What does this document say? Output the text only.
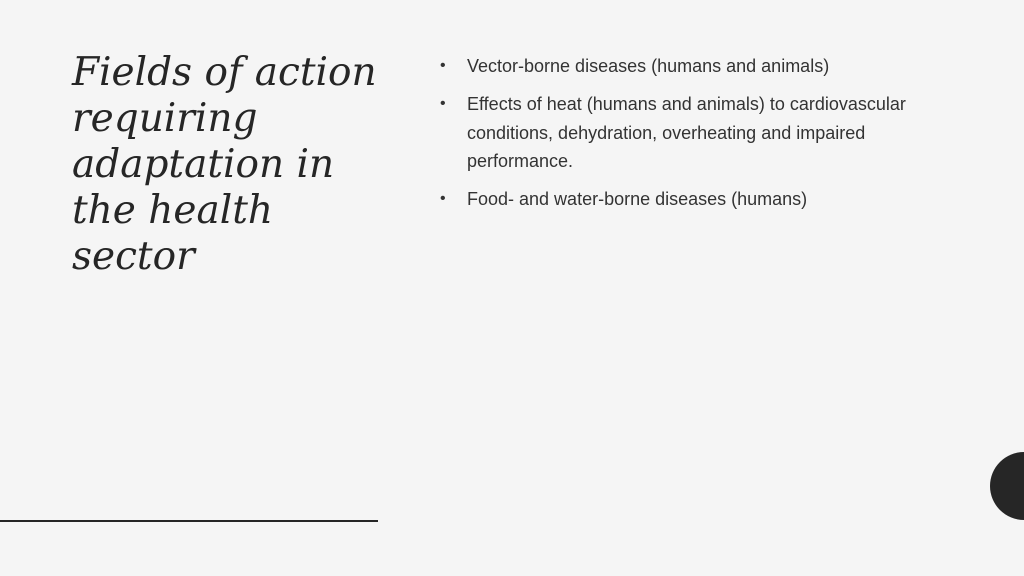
Fields of action requiring adaptation in the health sector
•	Vector-borne diseases (humans and animals)
•	Effects of heat (humans and animals) to cardiovascular conditions, dehydration, overheating and impaired performance.
•	Food- and water-borne diseases (humans)
